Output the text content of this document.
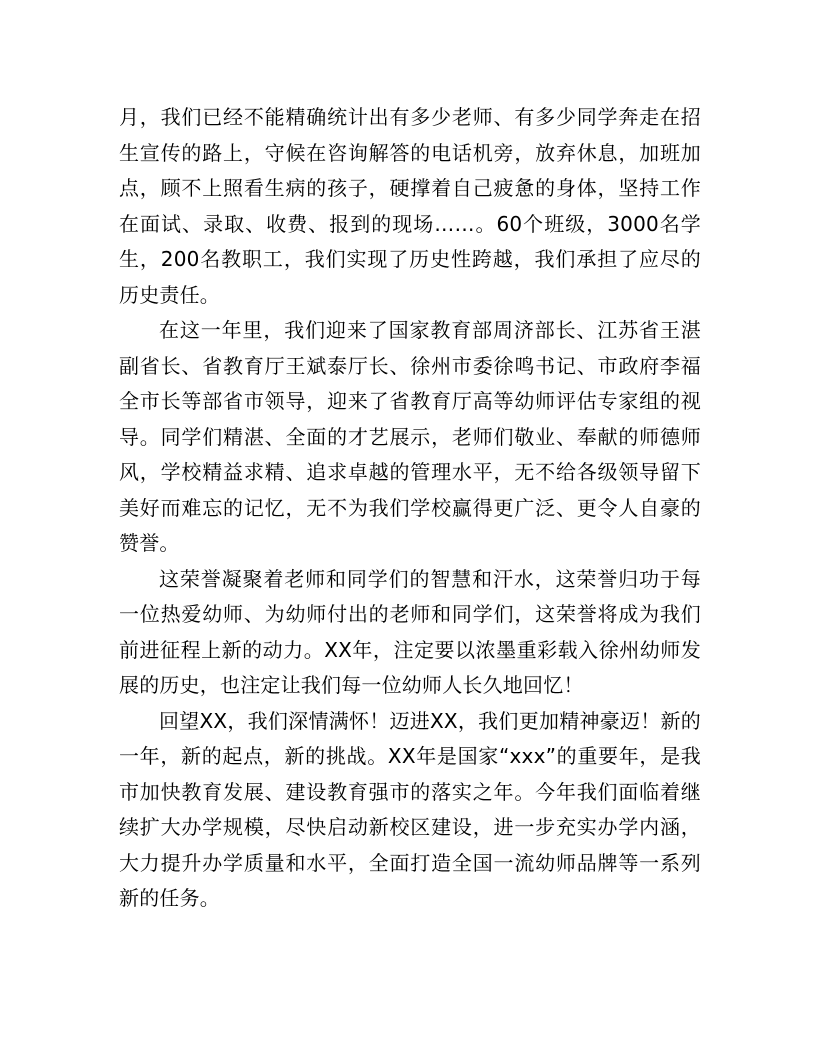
月，我们已经不能精确统计出有多少老师、有多少同学奔走在招生宣传的路上，守候在咨询解答的电话机旁，放弃休息，加班加点，顾不上照看生病的孩子，硬撑着自己疲惫的身体，坚持工作在面试、录取、收费、报到的现场……。60个班级，3000名学生，200名教职工，我们实现了历史性跨越，我们承担了应尽的历史责任。

在这一年里，我们迎来了国家教育部周济部长、江苏省王湛副省长、省教育厅王斌泰厅长、徐州市委徐鸣书记、市政府李福全市长等部省市领导，迎来了省教育厅高等幼师评估专家组的视导。同学们精湛、全面的才艺展示，老师们敬业、奉献的师德师风，学校精益求精、追求卓越的管理水平，无不给各级领导留下美好而难忘的记忆，无不为我们学校赢得更广泛、更令人自豪的赞誉。

这荣誉凝聚着老师和同学们的智慧和汗水，这荣誉归功于每一位热爱幼师、为幼师付出的老师和同学们，这荣誉将成为我们前进征程上新的动力。XX年，注定要以浓墨重彩载入徐州幼师发展的历史，也注定让我们每一位幼师人长久地回忆！

回望XX，我们深情满怀！迈进XX，我们更加精神豪迈！新的一年，新的起点，新的挑战。XX年是国家“xxx”的重要年，是我市加快教育发展、建设教育强市的落实之年。今年我们面临着继续扩大办学规模，尽快启动新校区建设，进一步充实办学内涵，大力提升办学质量和水平，全面打造全国一流幼师品牌等一系列新的任务。
